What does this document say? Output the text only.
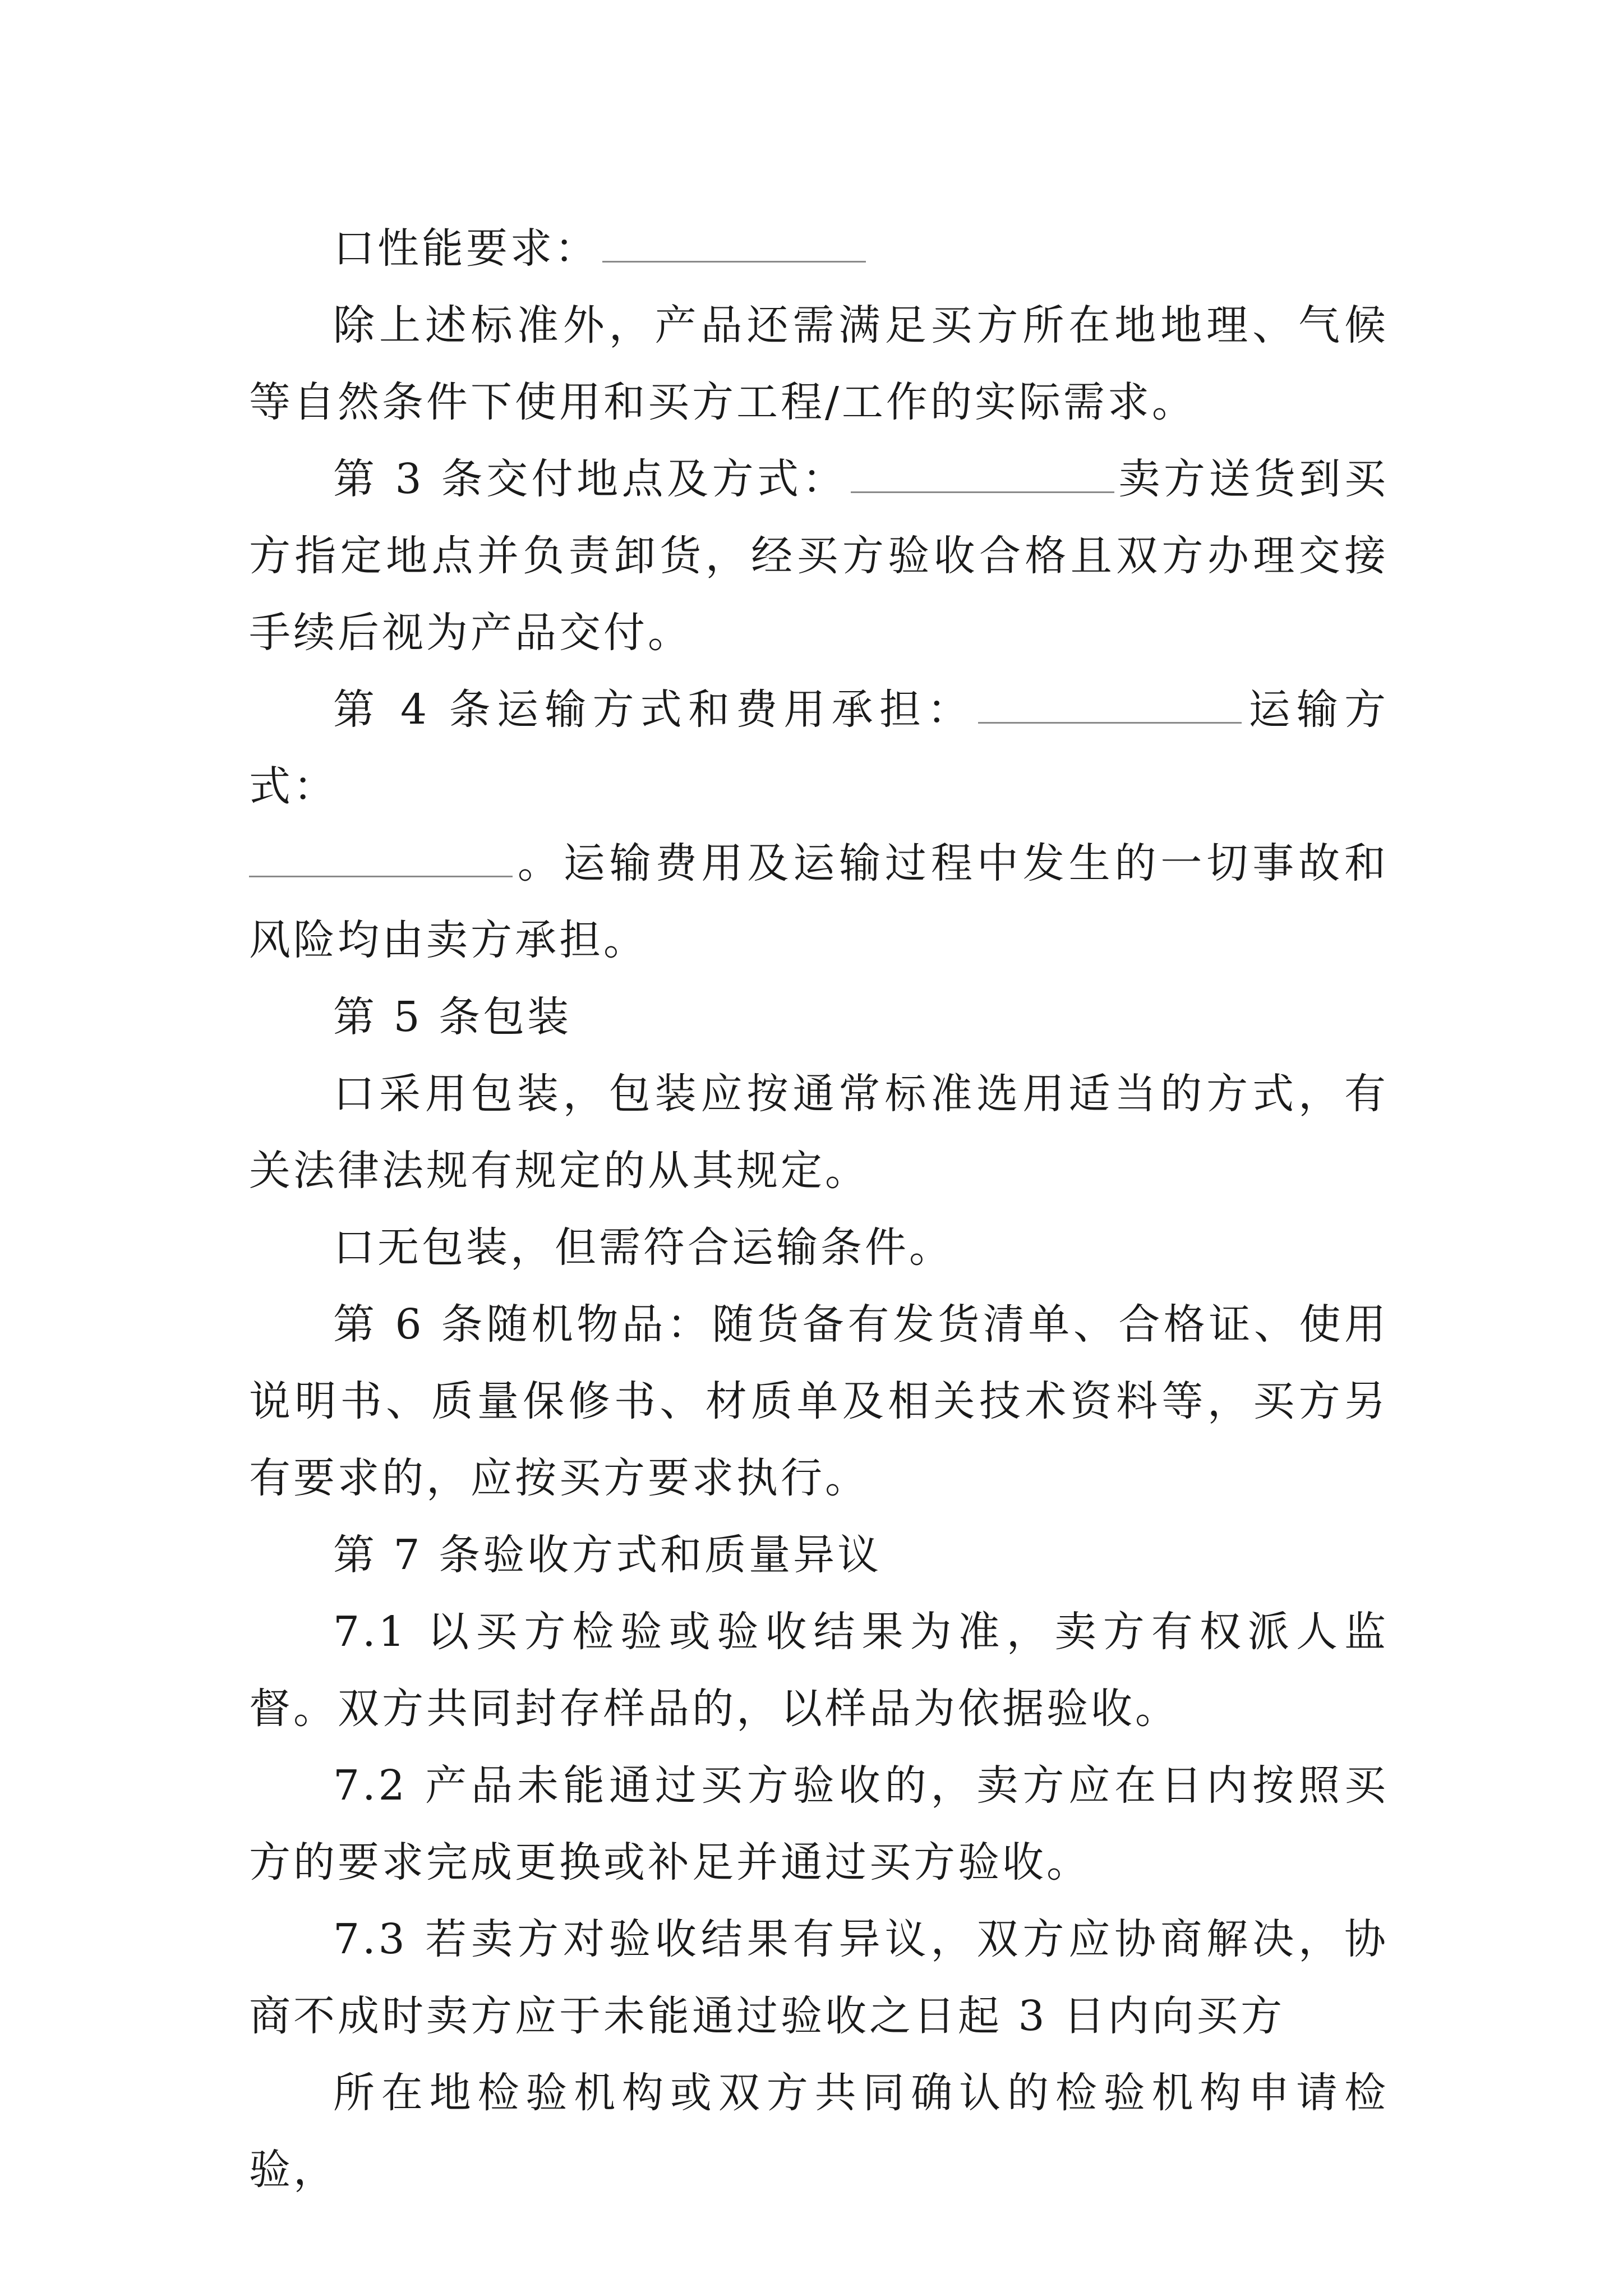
口性能要求：

除上述标准外，产品还需满足买方所在地地理、气候等自然条件下使用和买方工程/工作的实际需求。

第 3 条交付地点及方式：	卖方送货到买方指定地点并负责卸货，经买方验收合格且双方办理交接手续后视为产品交付。

第 4 条运输方式和费用承担：	运输方式：

。运输费用及运输过程中发生的一切事故和风险均由卖方承担。

第 5 条包装

口采用包装，包装应按通常标准选用适当的方式，有关法律法规有规定的从其规定。

口无包装，但需符合运输条件。

第 6 条随机物品：随货备有发货清单、合格证、使用说明书、质量保修书、材质单及相关技术资料等，买方另有要求的，应按买方要求执行。

第 7 条验收方式和质量异议

7.1 以买方检验或验收结果为准，卖方有权派人监督。双方共同封存样品的，以样品为依据验收。

7.2 产品未能通过买方验收的，卖方应在日内按照买方的要求完成更换或补足并通过买方验收。

7.3 若卖方对验收结果有异议，双方应协商解决，协商不成时卖方应于未能通过验收之日起 3 日内向买方

所在地检验机构或双方共同确认的检验机构申请检验，
